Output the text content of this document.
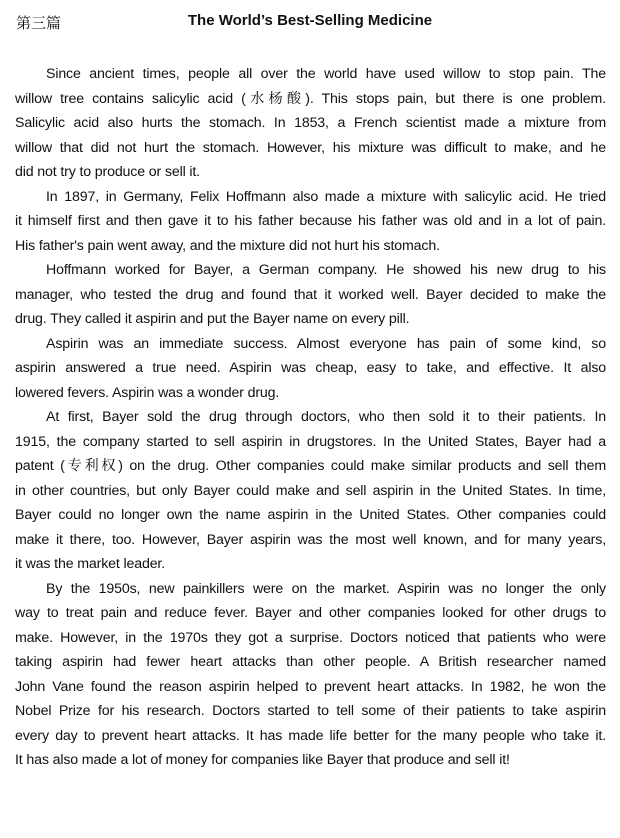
第三篇	The World’s Best-Selling Medicine
Since ancient times, people all over the world have used willow to stop pain. The
willow tree contains salicylic acid (水杨酸). This stops pain, but there is one problem.
Salicylic acid also hurts the stomach. In 1853, a French scientist made a mixture from
willow that did not hurt the stomach. However, his mixture was difficult to make, and he
did not try to produce or sell it.
In 1897, in Germany, Felix Hoffmann also made a mixture with salicylic acid. He tried
it himself first and then gave it to his father because his father was old and in a lot of pain.
His father's pain went away, and the mixture did not hurt his stomach.
Hoffmann worked for Bayer, a German company. He showed his new drug to his
manager, who tested the drug and found that it worked well. Bayer decided to make the
drug. They called it aspirin and put the Bayer name on every pill.
Aspirin was an immediate success. Almost everyone has pain of some kind, so
aspirin answered a true need. Aspirin was cheap, easy to take, and effective. It also
lowered fevers. Aspirin was a wonder drug.
At first, Bayer sold the drug through doctors, who then sold it to their patients. In
1915, the company started to sell aspirin in drugstores. In the United States, Bayer had a
patent (专利权) on the drug. Other companies could make similar products and sell them
in other countries, but only Bayer could make and sell aspirin in the United States. In time,
Bayer could no longer own the name aspirin in the United States. Other companies could
make it there, too. However, Bayer aspirin was the most well known, and for many years,
it was the market leader.
By the 1950s, new painkillers were on the market. Aspirin was no longer the only
way to treat pain and reduce fever. Bayer and other companies looked for other drugs to
make. However, in the 1970s they got a surprise. Doctors noticed that patients who were
taking aspirin had fewer heart attacks than other people. A British researcher named
John Vane found the reason aspirin helped to prevent heart attacks. In 1982, he won the
Nobel Prize for his research. Doctors started to tell some of their patients to take aspirin
every day to prevent heart attacks. It has made life better for the many people who take it.
It has also made a lot of money for companies like Bayer that produce and sell it!
